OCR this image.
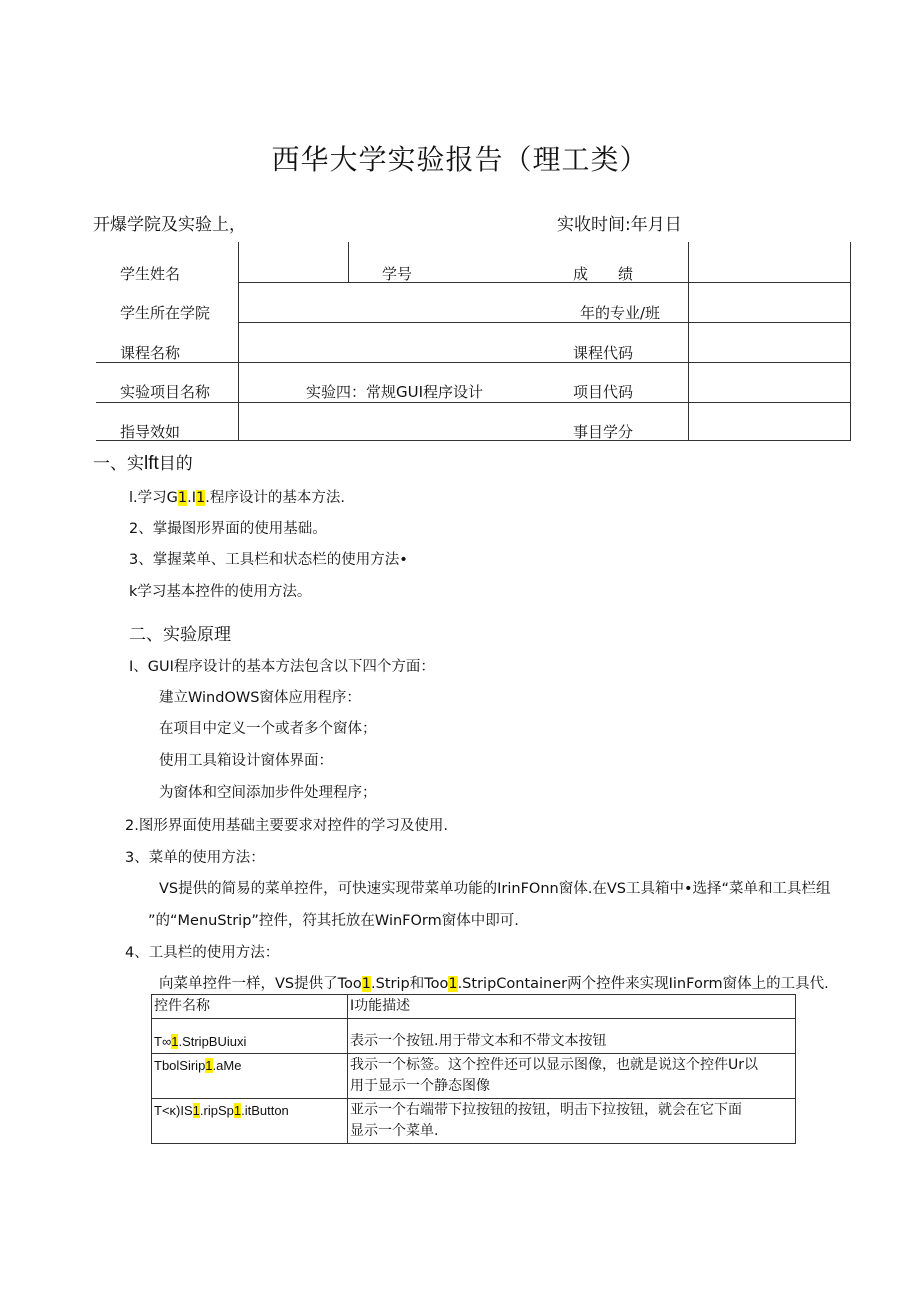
西华大学实验报告（理工类）
开爆学院及实验上，	实收时间:年月日
学生姓名	学号	成　　绩
学生所在学院	年的专业/班
课程名称	课程代码
实验项目名称	实验四：常规GUI程序设计	项目代码
指导效如	事目学分
一、实lft目的
l.学习G1.I1.程序设计的基本方法.
2、掌撮图形界面的使用基础。
3、掌握菜单、工具栏和状态栏的使用方法•
k学习基本控件的使用方法。
二、实验原理
I、GUI程序设计的基本方法包含以下四个方面：
建立WindOWS窗体应用程序：
在项目中定义一个或者多个窗体；
使用工具箱设计窗体界面：
为窗体和空间添加步件处理程序；
2.图形界面使用基础主要要求对控件的学习及使用.
3、菜单的使用方法：
VS提供的简易的菜单控件，可快速实现带菜单功能的IrinFOnn窗体.在VS工具箱中•选择“菜单和工具栏组
”的“MenuStrip”控件，符其托放在WinFOrm窗体中即可.
4、工具栏的使用方法：
向菜单控件一样，VS提供了Too1.Strip和Too1.StripContainer两个控件来实现IinForm窗体上的工具代.
控件名称	I功能描述
T∞1.StripBUiuxi	表示一个按钮.用于带文本和不带文本按钮

TbolSirip1.aMe	我示一个标签。这个控件还可以显示图像，也就是说这个控件Ur以
用于显示一个静态图像

T<κ)IS1.ripSp1.itButton	亚示一个右端带下拉按钮的按钮，明击下拉按钮，就会在它下面
显示一个菜单.
